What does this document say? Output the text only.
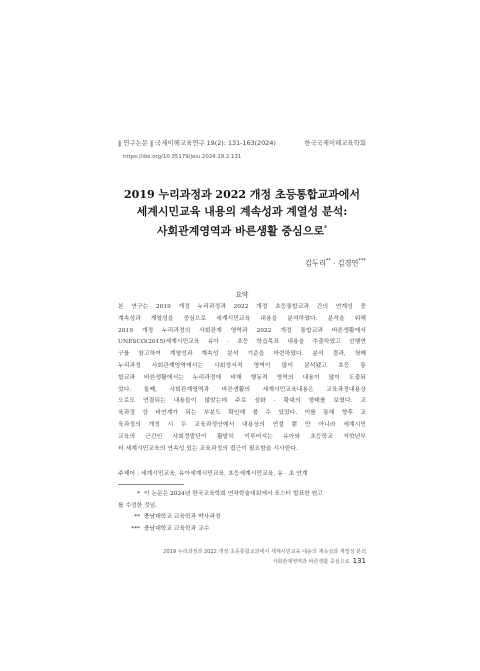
‖ 연구논문 ‖ 국제이해교육연구 19(2): 131-163(2024)	한국국제이해교육학회
https://doi.org/10.35179/jeiu.2024.19.2.131
2019 누리과정과 2022 개정 초등통합교과에서
세계시민교육 내용의 계속성과 계열성 분석:
사회관계영역과 바른생활 중심으로*
김두리** · 김경연***
요약
본 연구는 2019 개정 누리과정과 2022 개정 초등통합교과 간의 연계성 중
계속성과 계열성을 중심으로 세계시민교육 내용을 분석하였다. 분석을 위해
2019 개정 누리과정의 사회관계 영역과 2022 개정 통합교과 바른생활에서
UNESCO(2015)세계시민교육 유아 · 초등 학습목표 내용을 추출하였고 선행연
구를 참고하여 계열성과 계속성 분석 기준을 마련하였다. 분석 결과, 첫째
누리과정 사회관계영역에서는 사회정서적 영역이 많이 분석됐고 초등 통
합교과 바른생활에서는 누리과정에 비해 행동적 영역의 내용이 많이 도출되
었다. 둘째, 사회관계영역과 바른생활의 세계시민교육내용은 교육과정내용상
으로도 연결되는 내용들이 많았는데 주로 심화 · 확대의 형태를 보였다. 교
육과정 상 비연계가 되는 부분도 확인해 볼 수 있었다. 이를 통해 향후 교
육과정의 개정 시 두 교육과정안에서 내용상의 연결 뿐 만 아니라 세계시민
교육의 근간인 사회정발단이 활발히 이루어지는 유아와 초등학교 저학년부
터 세계시민교육의 연속성 있는 교육과정의 접근이 필요함을 시사한다.
주제어 : 세계시민교육, 유아세계시민교육, 초등세계시민교육, 유 · 초 연계
* 이 논문은 2024년 한국교육학회 연차학술대회에서 포스터 발표한 원고
를 수정한 것임.
** 충남대학교 교육학과 박사과정
*** 충남대학교 교육학과 교수
2019 누리과정과 2022 개정 초등통합교과에서 세계시민교육 내용의 계속성과 계열성 분석
사회관계영역과 바른생활 중심으로 131
